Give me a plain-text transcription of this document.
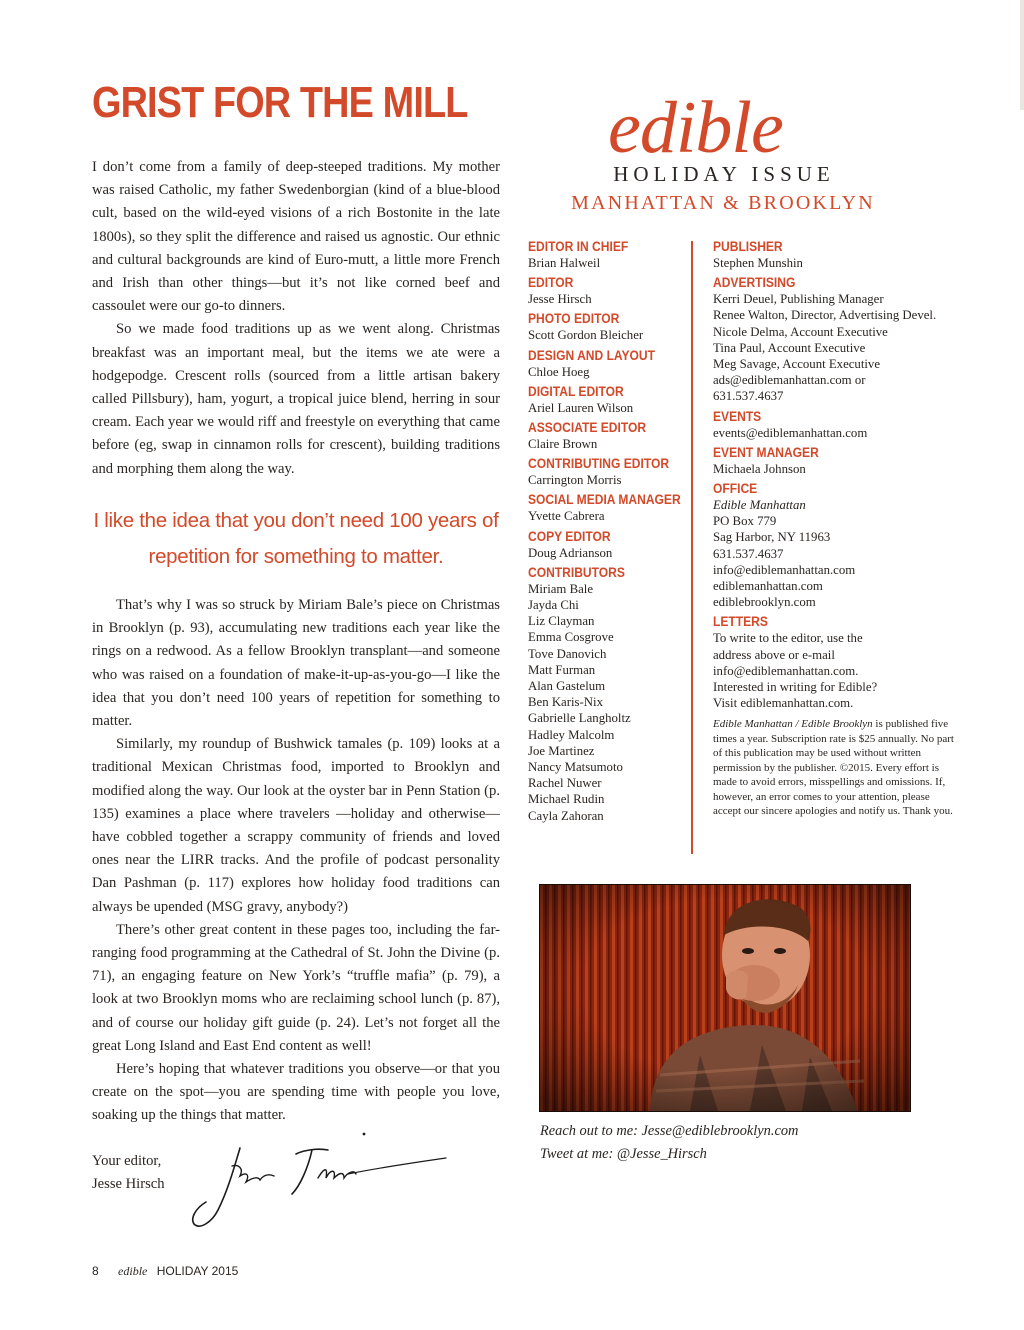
GRIST FOR THE MILL

I don’t come from a family of deep-steeped traditions. My mother was raised Catholic, my father Swedenborgian (kind of a blue-blood cult, based on the wild-eyed visions of a rich Bostonite in the late 1800s), so they split the difference and raised us agnostic. Our ethnic and cultural backgrounds are kind of Euro-mutt, a little more French and Irish than other things—but it’s not like corned beef and cassoulet were our go-to dinners.

So we made food traditions up as we went along. Christmas breakfast was an important meal, but the items we ate were a hodgepodge. Crescent rolls (sourced from a little artisan bakery called Pillsbury), ham, yogurt, a tropical juice blend, herring in sour cream. Each year we would riff and freestyle on everything that came before (eg, swap in cinnamon rolls for crescent), building traditions and morphing them along the way.

I like the idea that you don’t need 100 years of repetition for something to matter.

That’s why I was so struck by Miriam Bale’s piece on Christmas in Brooklyn (p. 93), accumulating new traditions each year like the rings on a redwood. As a fellow Brooklyn transplant—and someone who was raised on a foundation of make-it-up-as-you-go—I like the idea that you don’t need 100 years of repetition for something to matter.

Similarly, my roundup of Bushwick tamales (p. 109) looks at a traditional Mexican Christmas food, imported to Brooklyn and modified along the way. Our look at the oyster bar in Penn Station (p. 135) examines a place where travelers —holiday and otherwise—have cobbled together a scrappy community of friends and loved ones near the LIRR tracks. And the profile of podcast personality Dan Pashman (p. 117) explores how holiday food traditions can always be upended (MSG gravy, anybody?)

There’s other great content in these pages too, including the far-ranging food programming at the Cathedral of St. John the Divine (p. 71), an engaging feature on New York’s “truffle mafia” (p. 79), a look at two Brooklyn moms who are reclaiming school lunch (p. 87), and of course our holiday gift guide (p. 24). Let’s not forget all the great Long Island and East End content as well!

Here’s hoping that whatever traditions you observe—or that you create on the spot—you are spending time with people you love, soaking up the things that matter.

Your editor,
Jesse Hirsch
8 edible HOLIDAY 2015
edible
HOLIDAY ISSUE
MANHATTAN & BROOKLYN
EDITOR IN CHIEF
Brian Halweil
EDITOR
Jesse Hirsch
PHOTO EDITOR
Scott Gordon Bleicher
DESIGN AND LAYOUT
Chloe Hoeg
DIGITAL EDITOR
Ariel Lauren Wilson
ASSOCIATE EDITOR
Claire Brown
CONTRIBUTING EDITOR
Carrington Morris
SOCIAL MEDIA MANAGER
Yvette Cabrera
COPY EDITOR
Doug Adrianson
CONTRIBUTORS
Miriam Bale
Jayda Chi
Liz Clayman
Emma Cosgrove
Tove Danovich
Matt Furman
Alan Gastelum
Ben Karis-Nix
Gabrielle Langholtz
Hadley Malcolm
Joe Martinez
Nancy Matsumoto
Rachel Nuwer
Michael Rudin
Cayla Zahoran
PUBLISHER
Stephen Munshin
ADVERTISING
Kerri Deuel, Publishing Manager
Renee Walton, Director, Advertising Devel.
Nicole Delma, Account Executive
Tina Paul, Account Executive
Meg Savage, Account Executive
ads@ediblemanhattan.com or
631.537.4637
EVENTS
events@ediblemanhattan.com
EVENT MANAGER
Michaela Johnson
OFFICE
Edible Manhattan
PO Box 779
Sag Harbor, NY 11963
631.537.4637
info@ediblemanhattan.com
ediblemanhattan.com
ediblebrooklyn.com
LETTERS
To write to the editor, use the
address above or e-mail
info@ediblemanhattan.com.
Interested in writing for Edible?
Visit ediblemanhattan.com.
Edible Manhattan / Edible Brooklyn is published five times a year. Subscription rate is $25 annually. No part of this publication may be used without written permission by the publisher. ©2015. Every effort is made to avoid errors, misspellings and omissions. If, however, an error comes to your attention, please accept our sincere apologies and notify us. Thank you.
Reach out to me: Jesse@ediblebrooklyn.com
Tweet at me: @Jesse_Hirsch
